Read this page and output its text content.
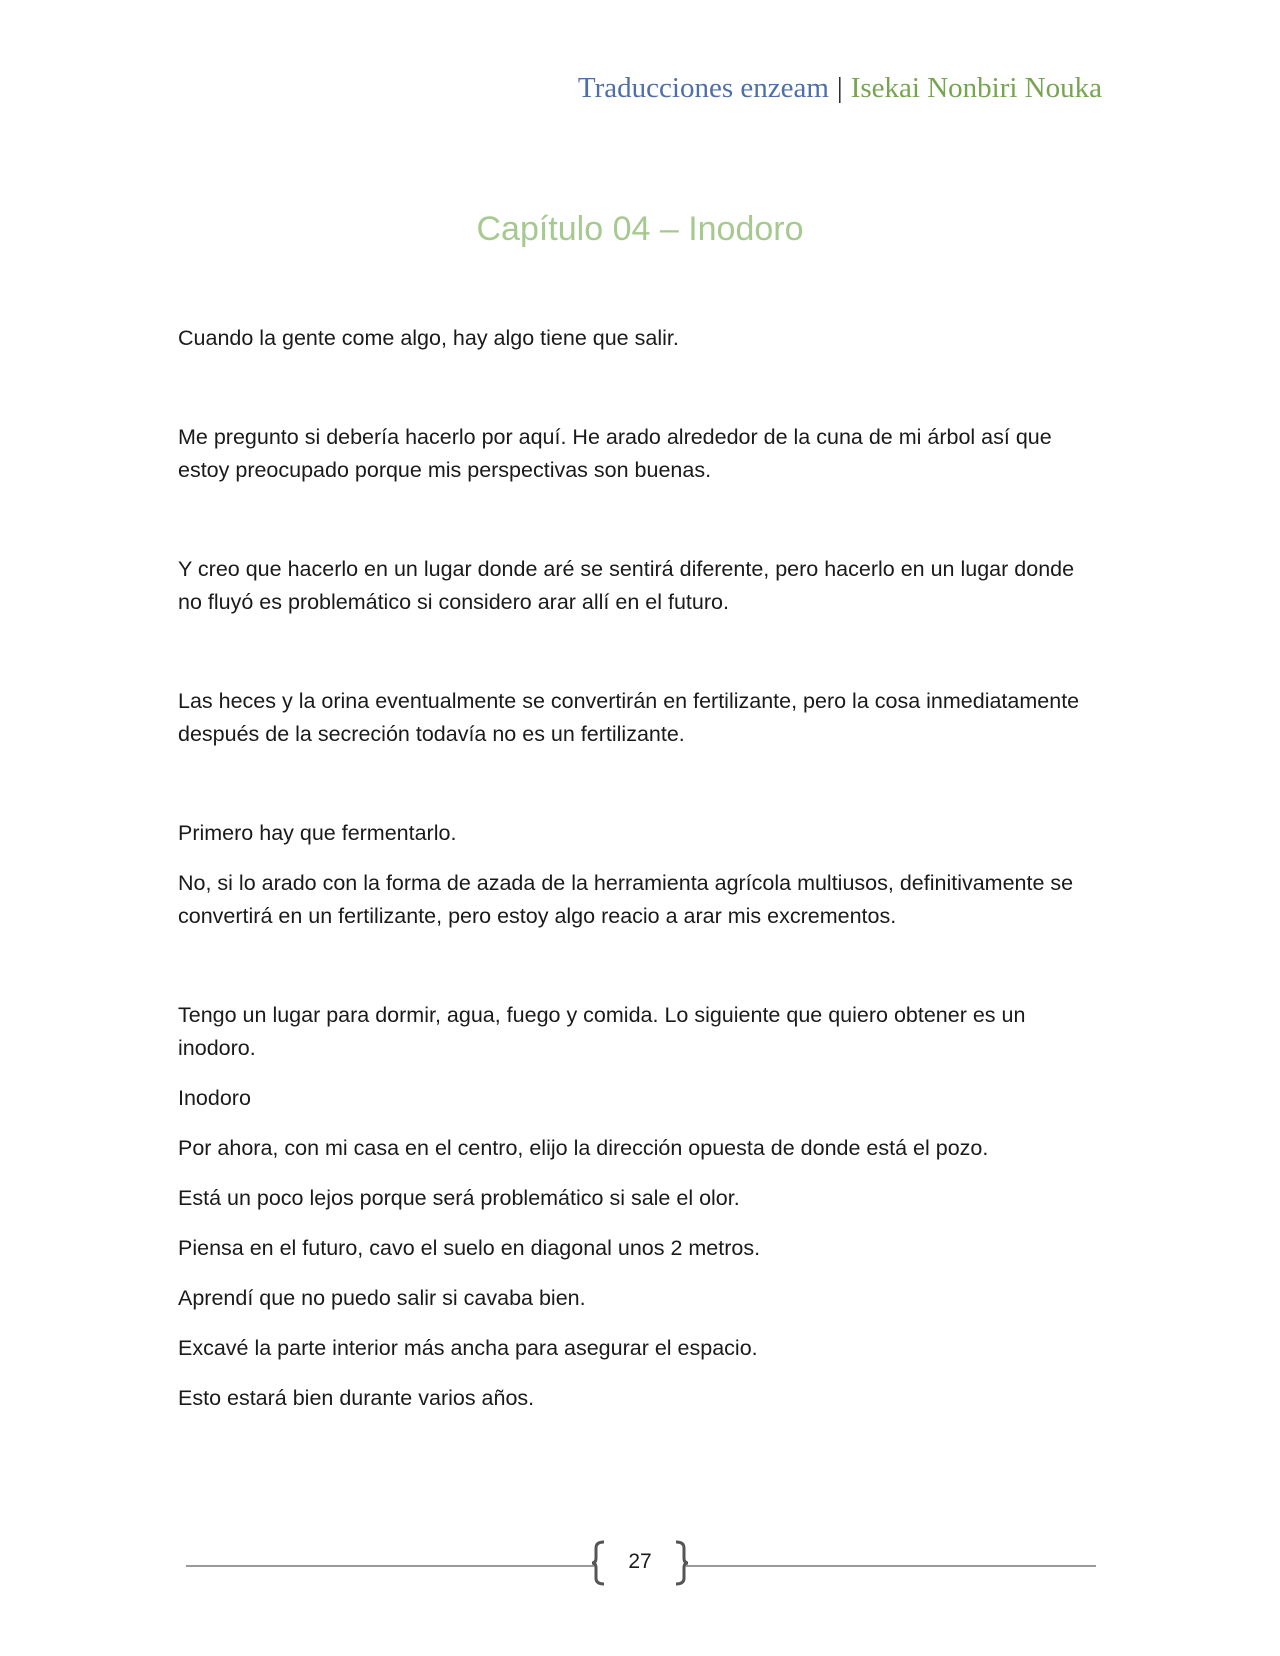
Traducciones enzeam | Isekai Nonbiri Nouka
Capítulo 04 – Inodoro

Cuando la gente come algo, hay algo tiene que salir.

Me pregunto si debería hacerlo por aquí. He arado alrededor de la cuna de mi árbol así que estoy preocupado porque mis perspectivas son buenas.

Y creo que hacerlo en un lugar donde aré se sentirá diferente, pero hacerlo en un lugar donde no fluyó es problemático si considero arar allí en el futuro.

Las heces y la orina eventualmente se convertirán en fertilizante, pero la cosa inmediatamente después de la secreción todavía no es un fertilizante.

Primero hay que fermentarlo.

No, si lo arado con la forma de azada de la herramienta agrícola multiusos, definitivamente se convertirá en un fertilizante, pero estoy algo reacio a arar mis excrementos.

Tengo un lugar para dormir, agua, fuego y comida. Lo siguiente que quiero obtener es un inodoro.

Inodoro

Por ahora, con mi casa en el centro, elijo la dirección opuesta de donde está el pozo.

Está un poco lejos porque será problemático si sale el olor.

Piensa en el futuro, cavo el suelo en diagonal unos 2 metros.

Aprendí que no puedo salir si cavaba bien.

Excavé la parte interior más ancha para asegurar el espacio.

Esto estará bien durante varios años.

27
